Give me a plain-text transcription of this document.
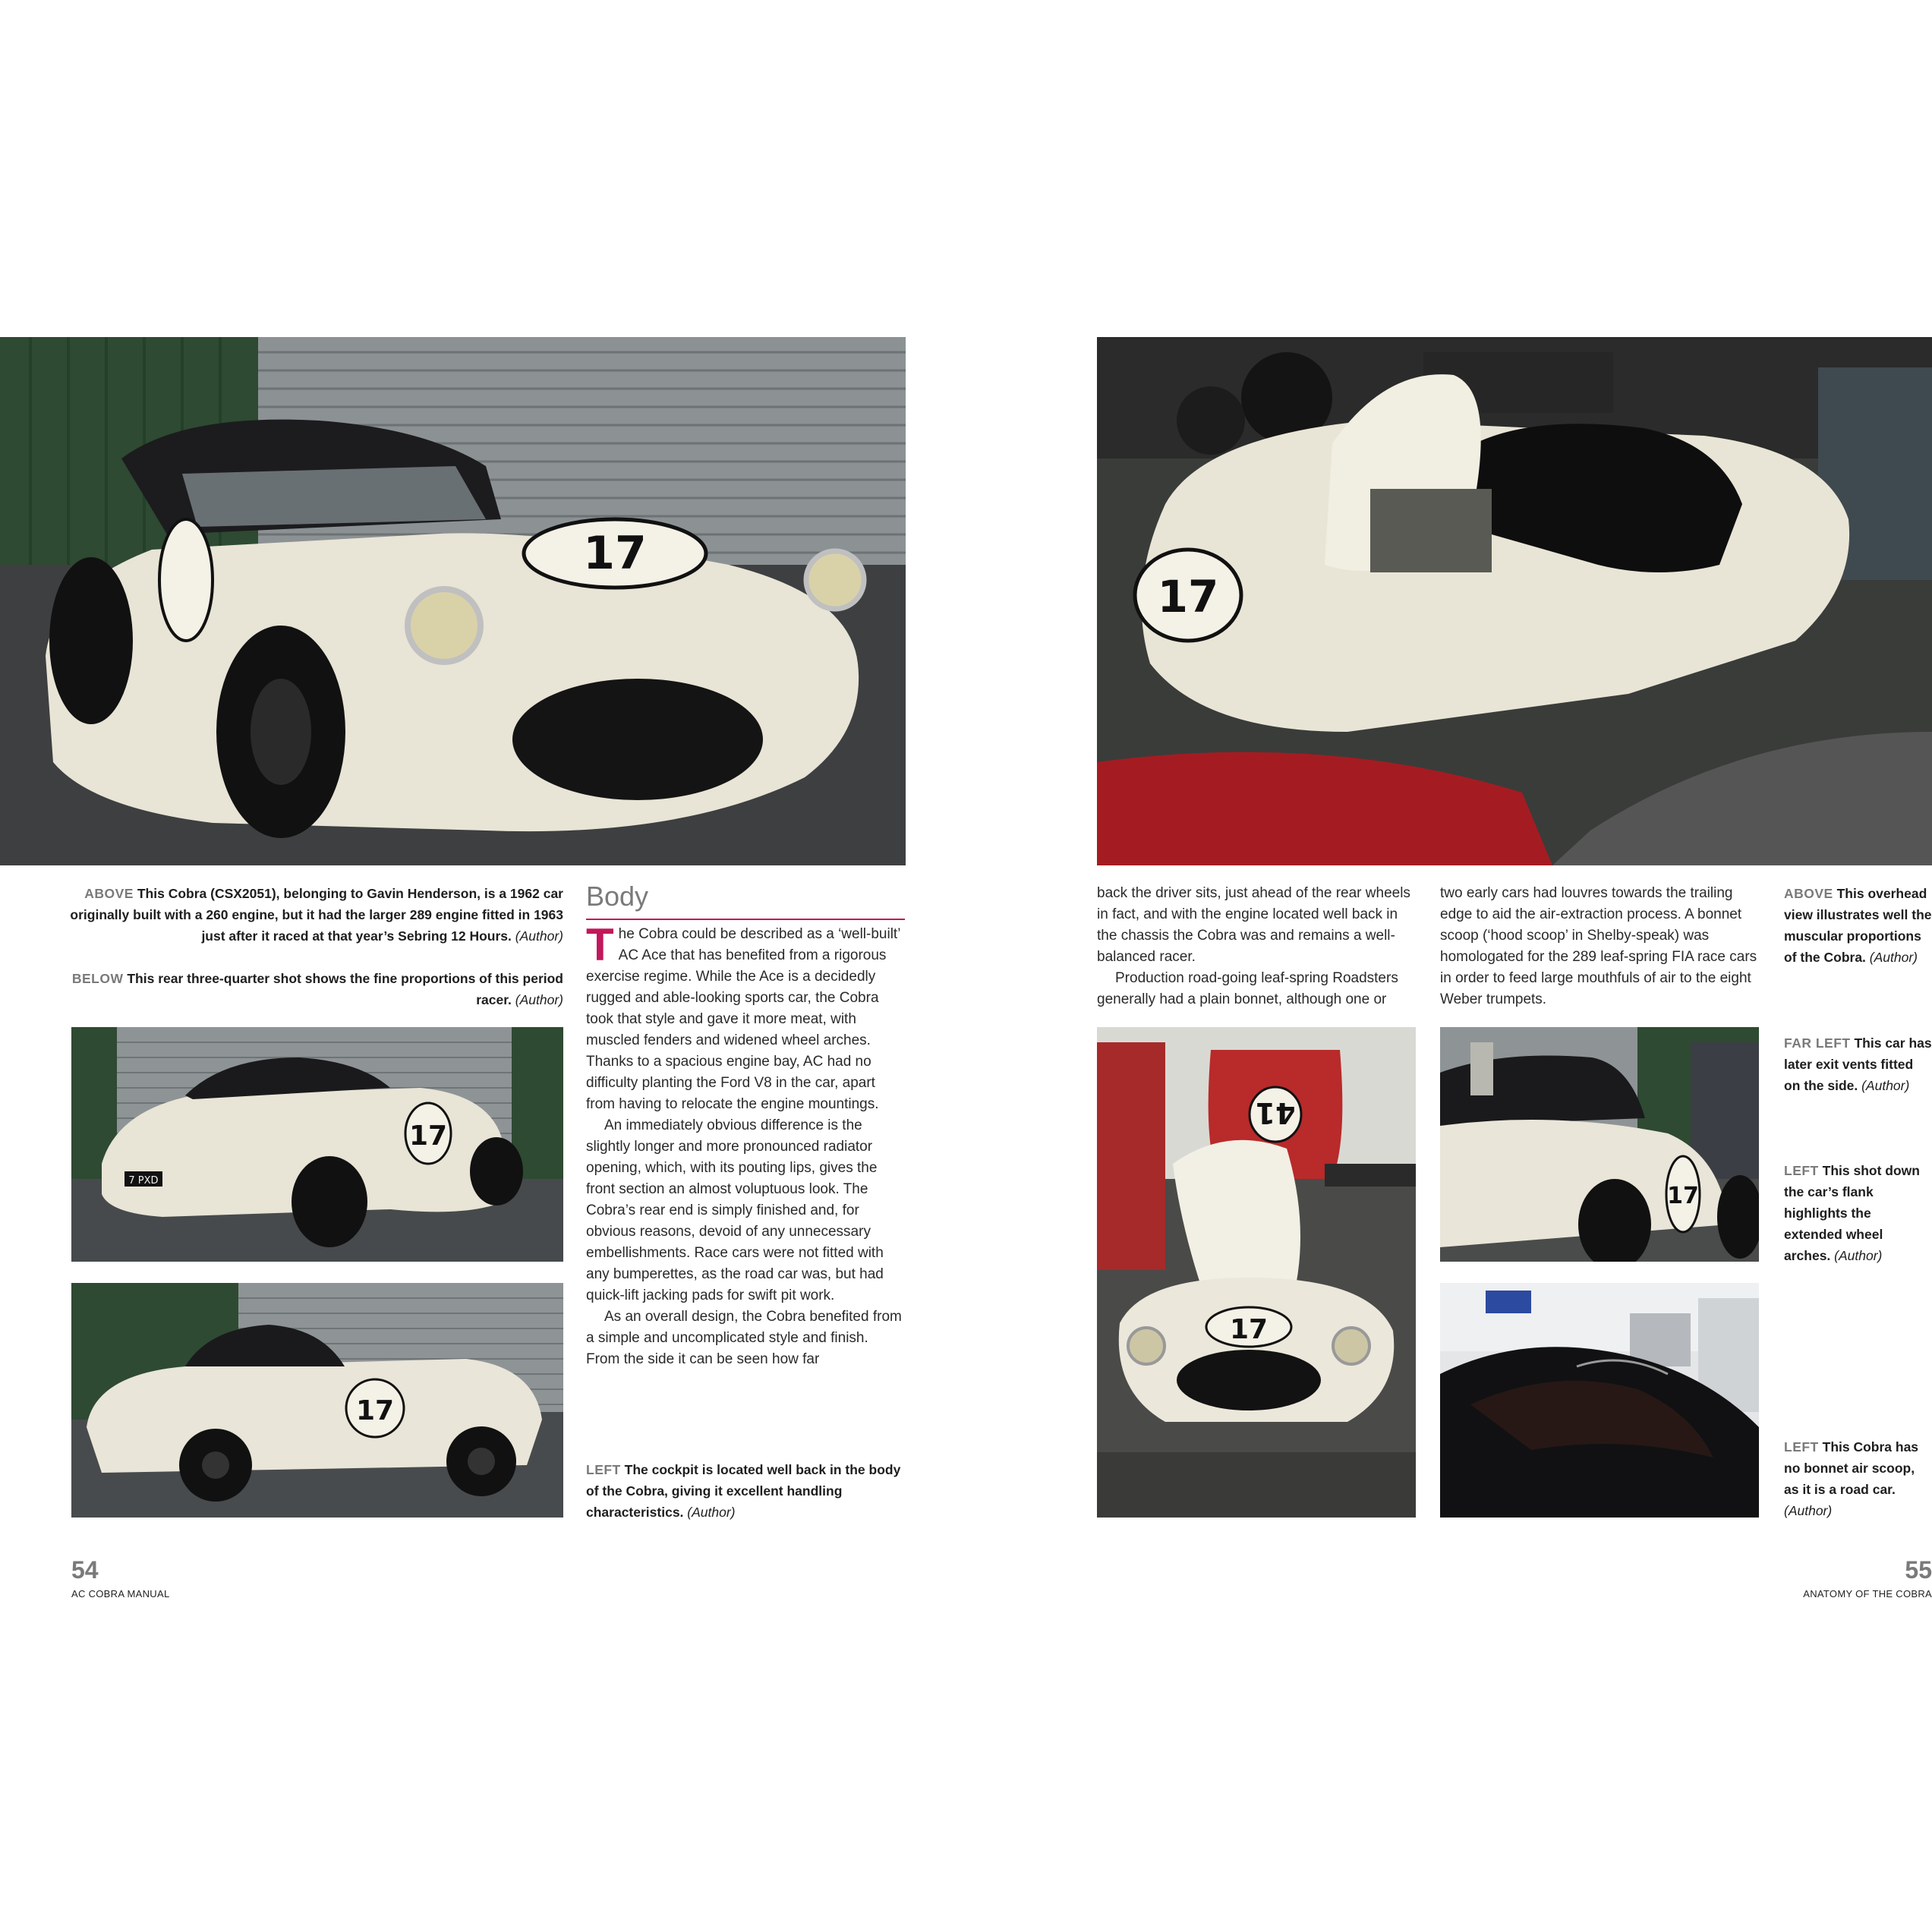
17

ABOVE This Cobra (CSX2051), belonging to Gavin Henderson, is a 1962 car originally built with a 260 engine, but it had the larger 289 engine fitted in 1963 just after it raced at that year’s Sebring 12 Hours. (Author)

BELOW This rear three-quarter shot shows the fine proportions of this period racer. (Author)

17
7 PXD
17
Body

The Cobra could be described as a ‘well-built’ AC Ace that has benefited from a rigorous exercise regime. While the Ace is a decidedly rugged and able-looking sports car, the Cobra took that style and gave it more meat, with muscled fenders and widened wheel arches. Thanks to a spacious engine bay, AC had no difficulty planting the Ford V8 in the car, apart from having to relocate the engine mountings.

An immediately obvious difference is the slightly longer and more pronounced radiator opening, which, with its pouting lips, gives the front section an almost voluptuous look. The Cobra’s rear end is simply finished and, for obvious reasons, devoid of any unnecessary embellishments. Race cars were not fitted with any bumperettes, as the road car was, but had quick-lift jacking pads for swift pit work.

As an overall design, the Cobra benefited from a simple and uncomplicated style and finish. From the side it can be seen how far

LEFT The cockpit is located well back in the body of the Cobra, giving it excellent handling characteristics. (Author)
54
AC COBRA MANUAL
17

back the driver sits, just ahead of the rear wheels in fact, and with the engine located well back in the chassis the Cobra was and remains a well-balanced racer.

Production road-going leaf-spring Roadsters generally had a plain bonnet, although one or

two early cars had louvres towards the trailing edge to aid the air-extraction process. A bonnet scoop (‘hood scoop’ in Shelby-speak) was homologated for the 289 leaf-spring FIA race cars in order to feed large mouthfuls of air to the eight Weber trumpets.

ABOVE This overhead view illustrates well the muscular proportions of the Cobra. (Author)
41
17
17
FAR LEFT This car has later exit vents fitted on the side. (Author)
LEFT This shot down the car’s flank highlights the extended wheel arches. (Author)
LEFT This Cobra has no bonnet air scoop, as it is a road car. (Author)
55
ANATOMY OF THE COBRA
